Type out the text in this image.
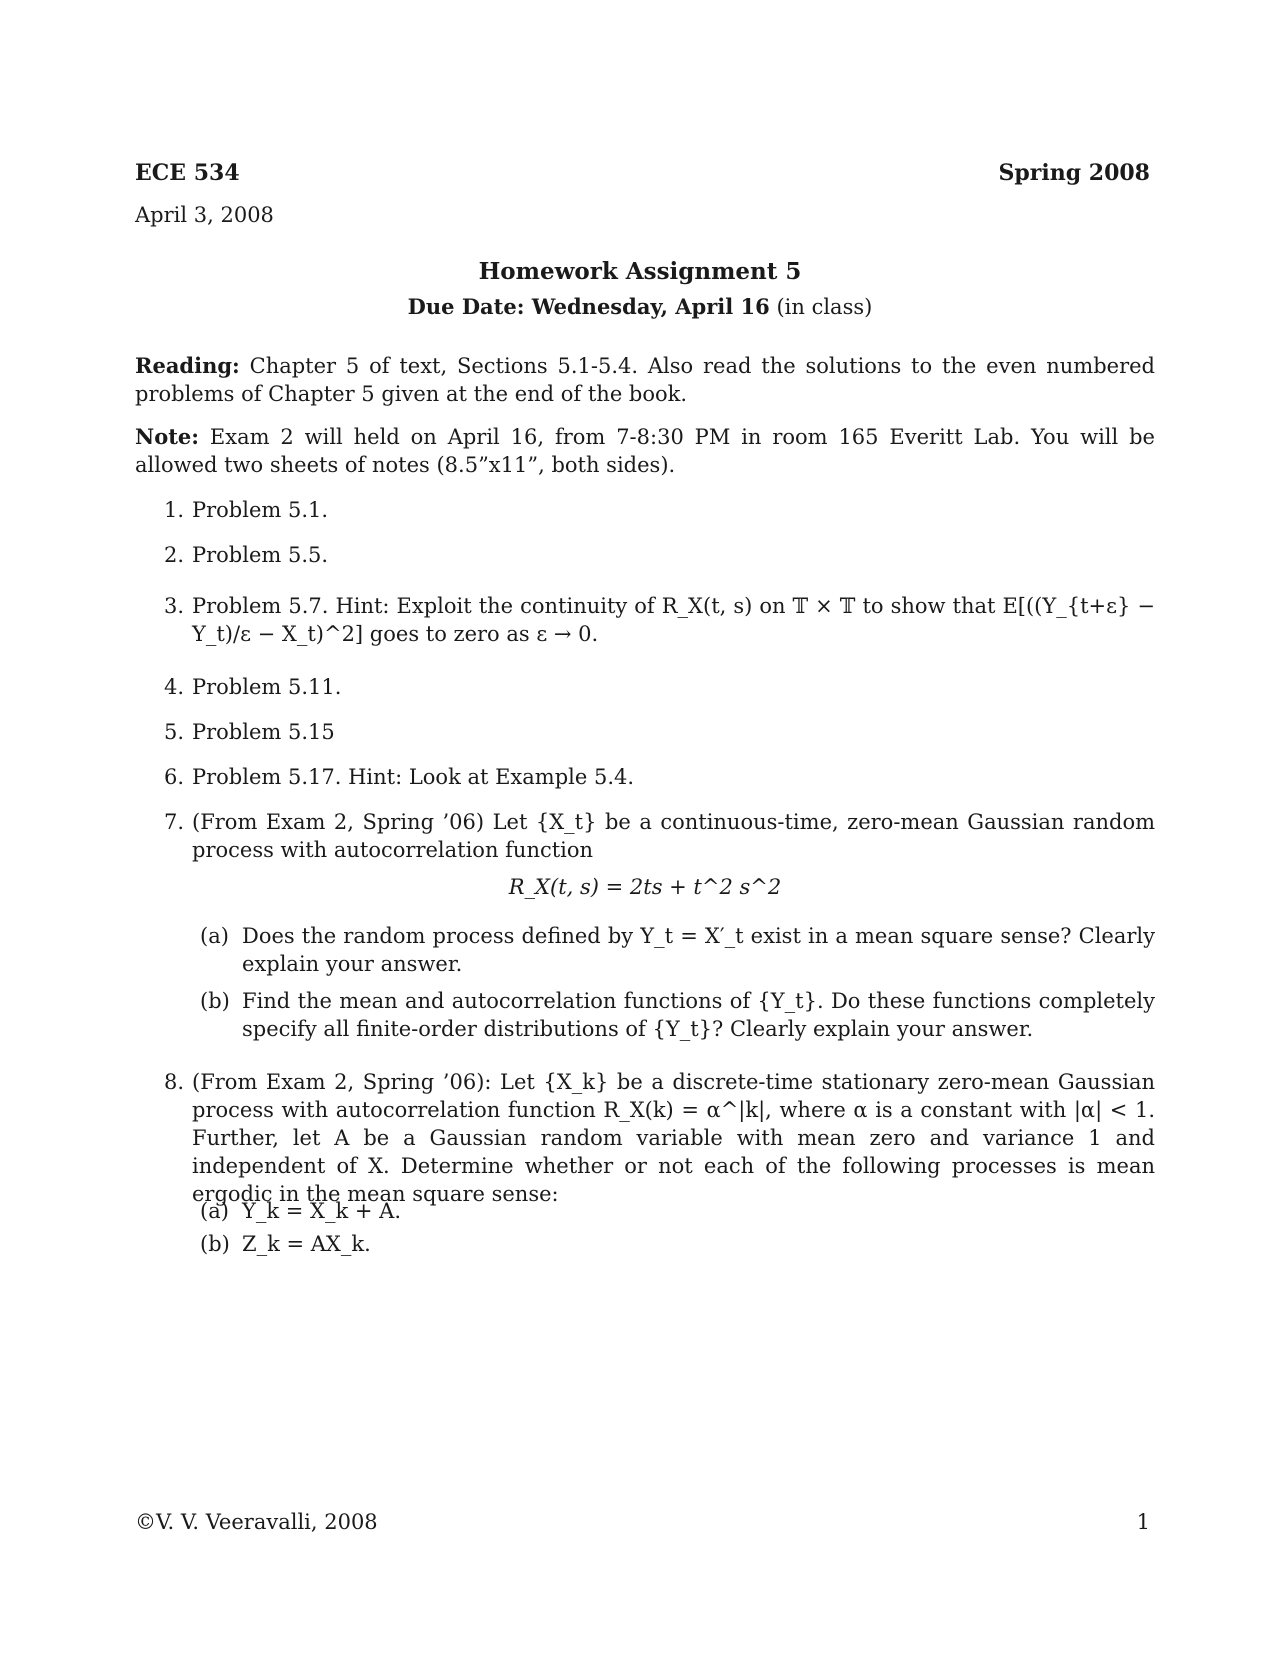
ECE 534	Spring 2008
April 3, 2008
Homework Assignment 5
Due Date: Wednesday, April 16 (in class)
Reading: Chapter 5 of text, Sections 5.1-5.4. Also read the solutions to the even numbered problems of Chapter 5 given at the end of the book.
Note: Exam 2 will held on April 16, from 7-8:30 PM in room 165 Everitt Lab. You will be allowed two sheets of notes (8.5”x11”, both sides).
1. Problem 5.1.
2. Problem 5.5.
3. Problem 5.7. Hint: Exploit the continuity of R_X(t, s) on 𝕋 × 𝕋 to show that E[((Y_{t+ε} − Y_t)/ε − X_t)^2] goes to zero as ε → 0.
4. Problem 5.11.
5. Problem 5.15
6. Problem 5.17. Hint: Look at Example 5.4.
7. (From Exam 2, Spring ’06) Let {X_t} be a continuous-time, zero-mean Gaussian random process with autocorrelation function
R_X(t, s) = 2ts + t^2 s^2
(a) Does the random process defined by Y_t = X′_t exist in a mean square sense? Clearly explain your answer.
(b) Find the mean and autocorrelation functions of {Y_t}. Do these functions completely specify all finite-order distributions of {Y_t}? Clearly explain your answer.
8. (From Exam 2, Spring ’06): Let {X_k} be a discrete-time stationary zero-mean Gaussian process with autocorrelation function R_X(k) = α^|k|, where α is a constant with |α| < 1. Further, let A be a Gaussian random variable with mean zero and variance 1 and independent of X. Determine whether or not each of the following processes is mean ergodic in the mean square sense:
(a) Y_k = X_k + A.
(b) Z_k = AX_k.
©V. V. Veeravalli, 2008	1
